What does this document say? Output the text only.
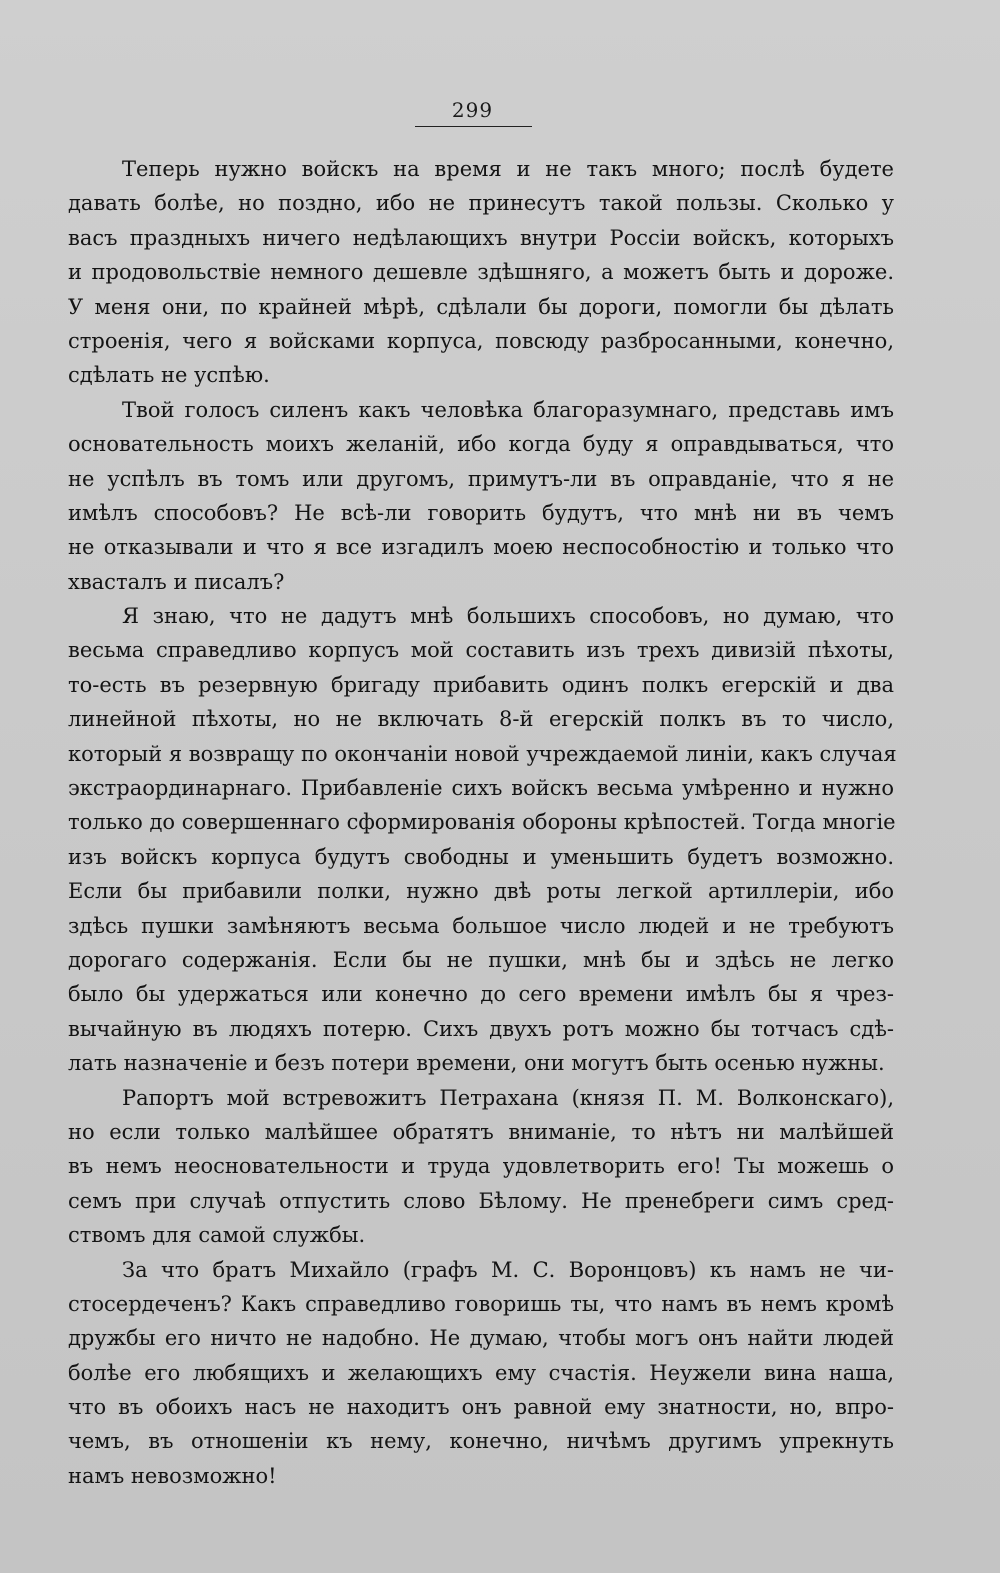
299
Теперь нужно войскъ на время и не такъ много; послѣ будете
давать болѣе, но поздно, ибо не принесутъ такой пользы. Сколько у
васъ праздныхъ ничего недѣлающихъ внутри Россіи войскъ, которыхъ
и продовольствіе немного дешевле здѣшняго, а можетъ быть и дороже.
У меня они, по крайней мѣрѣ, сдѣлали бы дороги, помогли бы дѣлать
строенія, чего я войсками корпуса, повсюду разбросанными, конечно,
сдѣлать не успѣю.
Твой голосъ силенъ какъ человѣка благоразумнаго, представь имъ
основательность моихъ желаній, ибо когда буду я оправдываться, что
не успѣлъ въ томъ или другомъ, примутъ-ли въ оправданіе, что я не
имѣлъ способовъ? Не всѣ-ли говорить будутъ, что мнѣ ни въ чемъ
не отказывали и что я все изгадилъ моею неспособностію и только что
хвасталъ и писалъ?
Я знаю, что не дадутъ мнѣ большихъ способовъ, но думаю, что
весьма справедливо корпусъ мой составить изъ трехъ дивизій пѣхоты,
то-есть въ резервную бригаду прибавить одинъ полкъ егерскій и два
линейной пѣхоты, но не включать 8-й егерскій полкъ въ то число,
который я возвращу по окончаніи новой учреждаемой линіи, какъ случая
экстраординарнаго. Прибавленіе сихъ войскъ весьма умѣренно и нужно
только до совершеннаго сформированія обороны крѣпостей. Тогда многіе
изъ войскъ корпуса будутъ свободны и уменьшить будетъ возможно.
Если бы прибавили полки, нужно двѣ роты легкой артиллеріи, ибо
здѣсь пушки замѣняютъ весьма большое число людей и не требуютъ
дорогаго содержанія. Если бы не пушки, мнѣ бы и здѣсь не легко
было бы удержаться или конечно до сего времени имѣлъ бы я чрез-
вычайную въ людяхъ потерю. Сихъ двухъ ротъ можно бы тотчасъ сдѣ-
лать назначеніе и безъ потери времени, они могутъ быть осенью нужны.
Рапортъ мой встревожитъ Петрахана (князя П. М. Волконскаго),
но если только малѣйшее обратятъ вниманіе, то нѣтъ ни малѣйшей
въ немъ неосновательности и труда удовлетворить его! Ты можешь о
семъ при случаѣ отпустить слово Бѣлому. Не пренебреги симъ сред-
ствомъ для самой службы.
За что братъ Михайло (графъ М. С. Воронцовъ) къ намъ не чи-
стосердеченъ? Какъ справедливо говоришь ты, что намъ въ немъ кромѣ
дружбы его ничто не надобно. Не думаю, чтобы могъ онъ найти людей
болѣе его любящихъ и желающихъ ему счастія. Неужели вина наша,
что въ обоихъ насъ не находитъ онъ равной ему знатности, но, впро-
чемъ, въ отношеніи къ нему, конечно, ничѣмъ другимъ упрекнуть
намъ невозможно!
